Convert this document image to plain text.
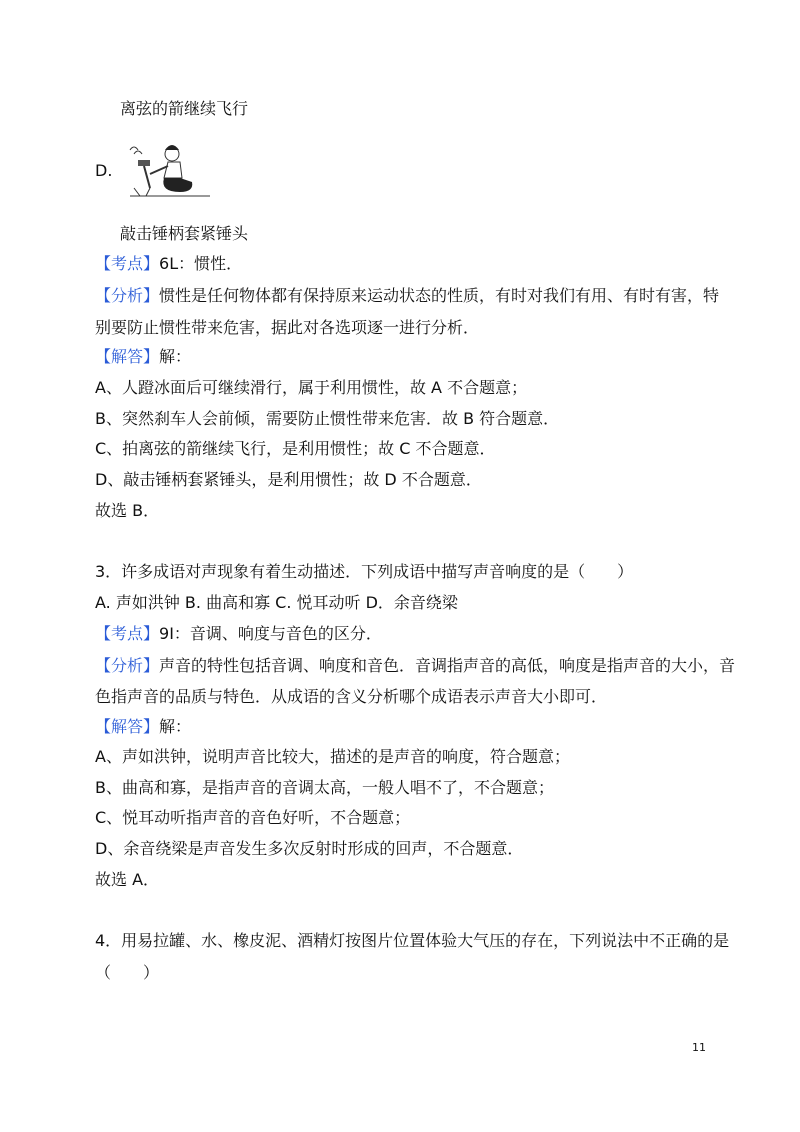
离弦的箭继续飞行
D.
敲击锤柄套紧锤头
【考点】6L：惯性．
【分析】惯性是任何物体都有保持原来运动状态的性质，有时对我们有用、有时有害，特
别要防止惯性带来危害，据此对各选项逐一进行分析．
【解答】解：
A、人蹬冰面后可继续滑行，属于利用惯性，故 A 不合题意；
B、突然刹车人会前倾，需要防止惯性带来危害．故 B 符合题意．
C、拍离弦的箭继续飞行，是利用惯性；故 C 不合题意．
D、敲击锤柄套紧锤头，是利用惯性；故 D 不合题意．
故选 B．
3．许多成语对声现象有着生动描述．下列成语中描写声音响度的是（　　）
A. 声如洪钟 B. 曲高和寡 C. 悦耳动听 D．余音绕梁
【考点】9I：音调、响度与音色的区分．
【分析】声音的特性包括音调、响度和音色．音调指声音的高低，响度是指声音的大小，音
色指声音的品质与特色．从成语的含义分析哪个成语表示声音大小即可．
【解答】解：
A、声如洪钟，说明声音比较大，描述的是声音的响度，符合题意；
B、曲高和寡，是指声音的音调太高，一般人唱不了，不合题意；
C、悦耳动听指声音的音色好听，不合题意；
D、余音绕梁是声音发生多次反射时形成的回声，不合题意．
故选 A．
4．用易拉罐、水、橡皮泥、酒精灯按图片位置体验大气压的存在，下列说法中不正确的是
（　　）
11
